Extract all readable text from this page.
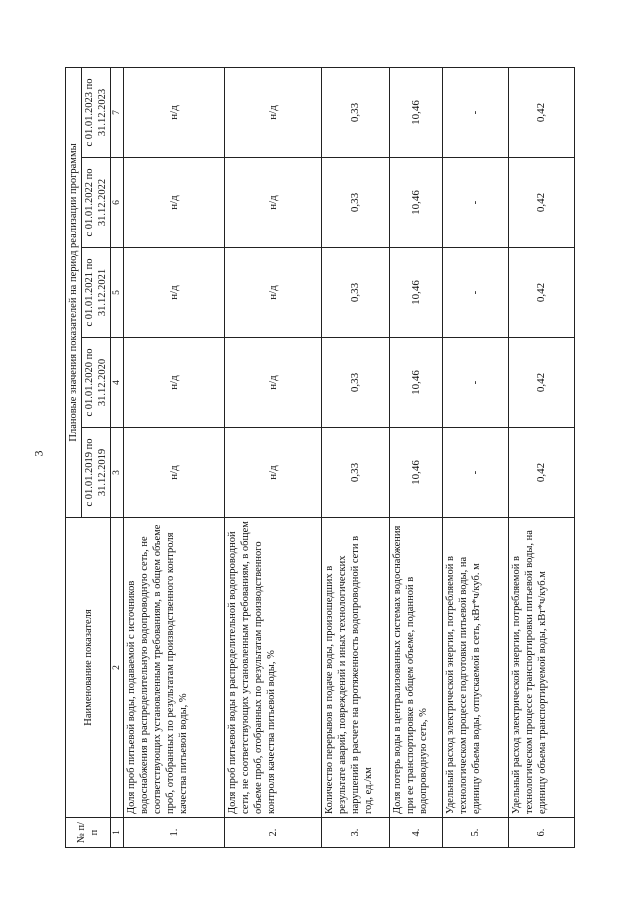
3
№ п/п	Наименование показателя	Плановые значения показателей на период реализации программы				
		с 01.01.2019 по 31.12.2019	с 01.01.2020 по 31.12.2020	с 01.01.2021 по 31.12.2021	с 01.01.2022 по 31.12.2022	с 01.01.2023 по 31.12.2023
1	2	3	4	5	6	7
1.	Доля проб питьевой воды, подаваемой с источников водоснабжения в распределительную водопроводную сеть, не соответствующих установленным требованиям, в общем объеме проб, отобранных по результатам производственного контроля качества питьевой воды, %	н/д	н/д	н/д	н/д	н/д
2.	Доля проб питьевой воды в распределительной водопроводной сети, не соответствующих установленным требованиям, в общем объеме проб, отобранных по результатам производственного контроля качества питьевой воды, %	н/д	н/д	н/д	н/д	н/д
3.	Количество перерывов в подаче воды, произошедших в результате аварий, повреждений и иных технологических нарушений в расчете на протяженность водопроводной сети в год, ед./км	0,33	0,33	0,33	0,33	0,33
4.	Доля потерь воды в централизованных системах водоснабжения при ее транспортировке в общем объеме, поданной в водопроводную сеть, %	10,46	10,46	10,46	10,46	10,46
5.	Удельный расход электрической энергии, потребляемой в технологическом процессе подготовки питьевой воды, на единицу объема воды, отпускаемой в сеть, кВт*ч/куб. м	-	-	-	-	-
6.	Удельный расход электрической энергии, потребляемой в технологическом процессе транспортировки питьевой воды, на единицу объема транспортируемой воды, кВт*ч/куб.м	0,42	0,42	0,42	0,42	0,42
